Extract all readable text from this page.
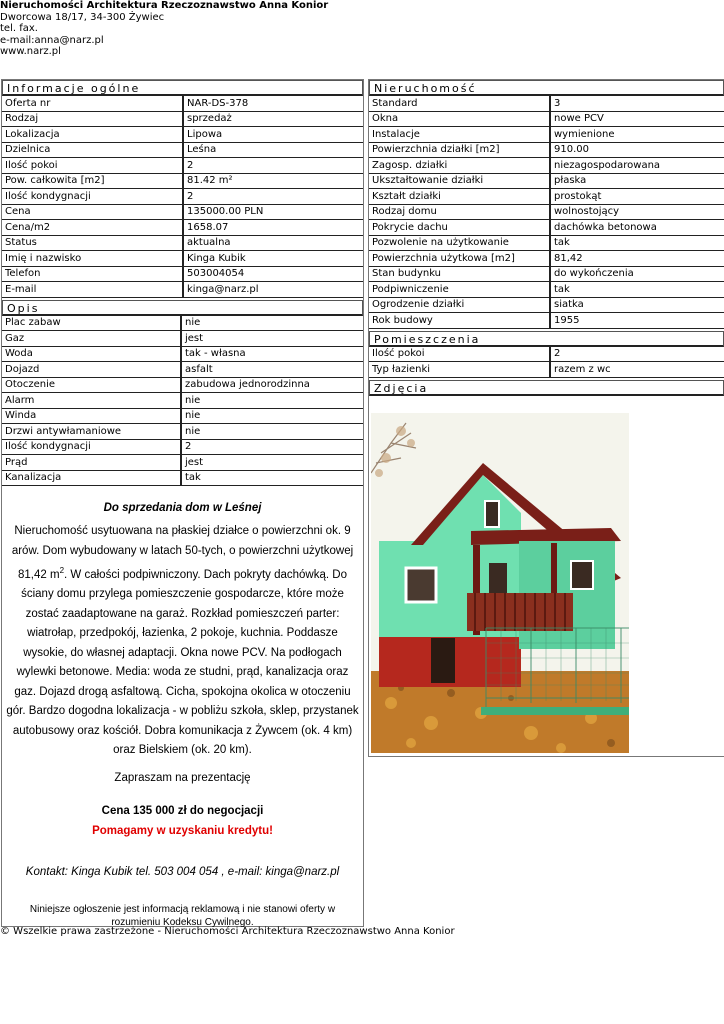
Nieruchomości Architektura Rzeczoznawstwo Anna Konior
Dworcowa 18/17, 34-300 Żywiec
tel. fax.
e-mail:anna@narz.pl
www.narz.pl
Informacje ogólne
Oferta nr	NAR-DS-378
Rodzaj	sprzedaż
Lokalizacja	Lipowa
Dzielnica	Leśna
Ilość pokoi	2
Pow. całkowita [m2]	81.42 m²
Ilość kondygnacji	2
Cena	135000.00 PLN
Cena/m2	1658.07
Status	aktualna
Imię i nazwisko	Kinga Kubik
Telefon	503004054
E-mail	kinga@narz.pl
Opis
Plac zabaw	nie
Gaz	jest
Woda	tak - własna
Dojazd	asfalt
Otoczenie	zabudowa jednorodzinna
Alarm	nie
Winda	nie
Drzwi antywłamaniowe	nie
Ilość kondygnacji	2
Prąd	jest
Kanalizacja	tak
Do sprzedania dom w Leśnej
Nieruchomość usytuowana na płaskiej działce o powierzchni ok. 9 arów. Dom wybudowany w latach 50-tych, o powierzchni użytkowej 81,42 $m^2$. W całości podpiwniczony. Dach pokryty dachówką. Do ściany domu przylega pomieszczenie gospodarcze, które może zostać zaadaptowane na garaż. Rozkład pomieszczeń parter: wiatrołap, przedpokój, łazienka, 2 pokoje, kuchnia. Poddasze wysokie, do własnej adaptacji. Okna nowe PCV. Na podłogach wylewki betonowe. Media: woda ze studni, prąd, kanalizacja oraz gaz. Dojazd drogą asfaltową. Cicha, spokojna okolica w otoczeniu gór. Bardzo dogodna lokalizacja - w pobliżu szkoła, sklep, przystanek autobusowy oraz kościół. Dobra komunikacja z Żywcem (ok. 4 km) oraz Bielskiem (ok. 20 km).
Zapraszam na prezentację
Cena 135 000 zł do negocjacji
Pomagamy w uzyskaniu kredytu!
Kontakt: Kinga Kubik tel. 503 004 054 , e-mail: kinga@narz.pl
Niniejsze ogłoszenie jest informacją reklamową i nie stanowi oferty w rozumieniu Kodeksu Cywilnego.
Nieruchomość
Standard	3
Okna	nowe PCV
Instalacje	wymienione
Powierzchnia działki [m2]	910.00
Zagosp. działki	niezagospodarowana
Ukształtowanie działki	płaska
Kształt działki	prostokąt
Rodzaj domu	wolnostojący
Pokrycie dachu	dachówka betonowa
Pozwolenie na użytkowanie	tak
Powierzchnia użytkowa [m2]	81,42
Stan budynku	do wykończenia
Podpiwniczenie	tak
Ogrodzenie działki	siatka
Rok budowy	1955
Pomieszczenia
Ilość pokoi	2
Typ łazienki	razem z wc
Zdjęcia
© Wszelkie prawa zastrzeżone - Nieruchomości Architektura Rzeczoznawstwo Anna Konior
